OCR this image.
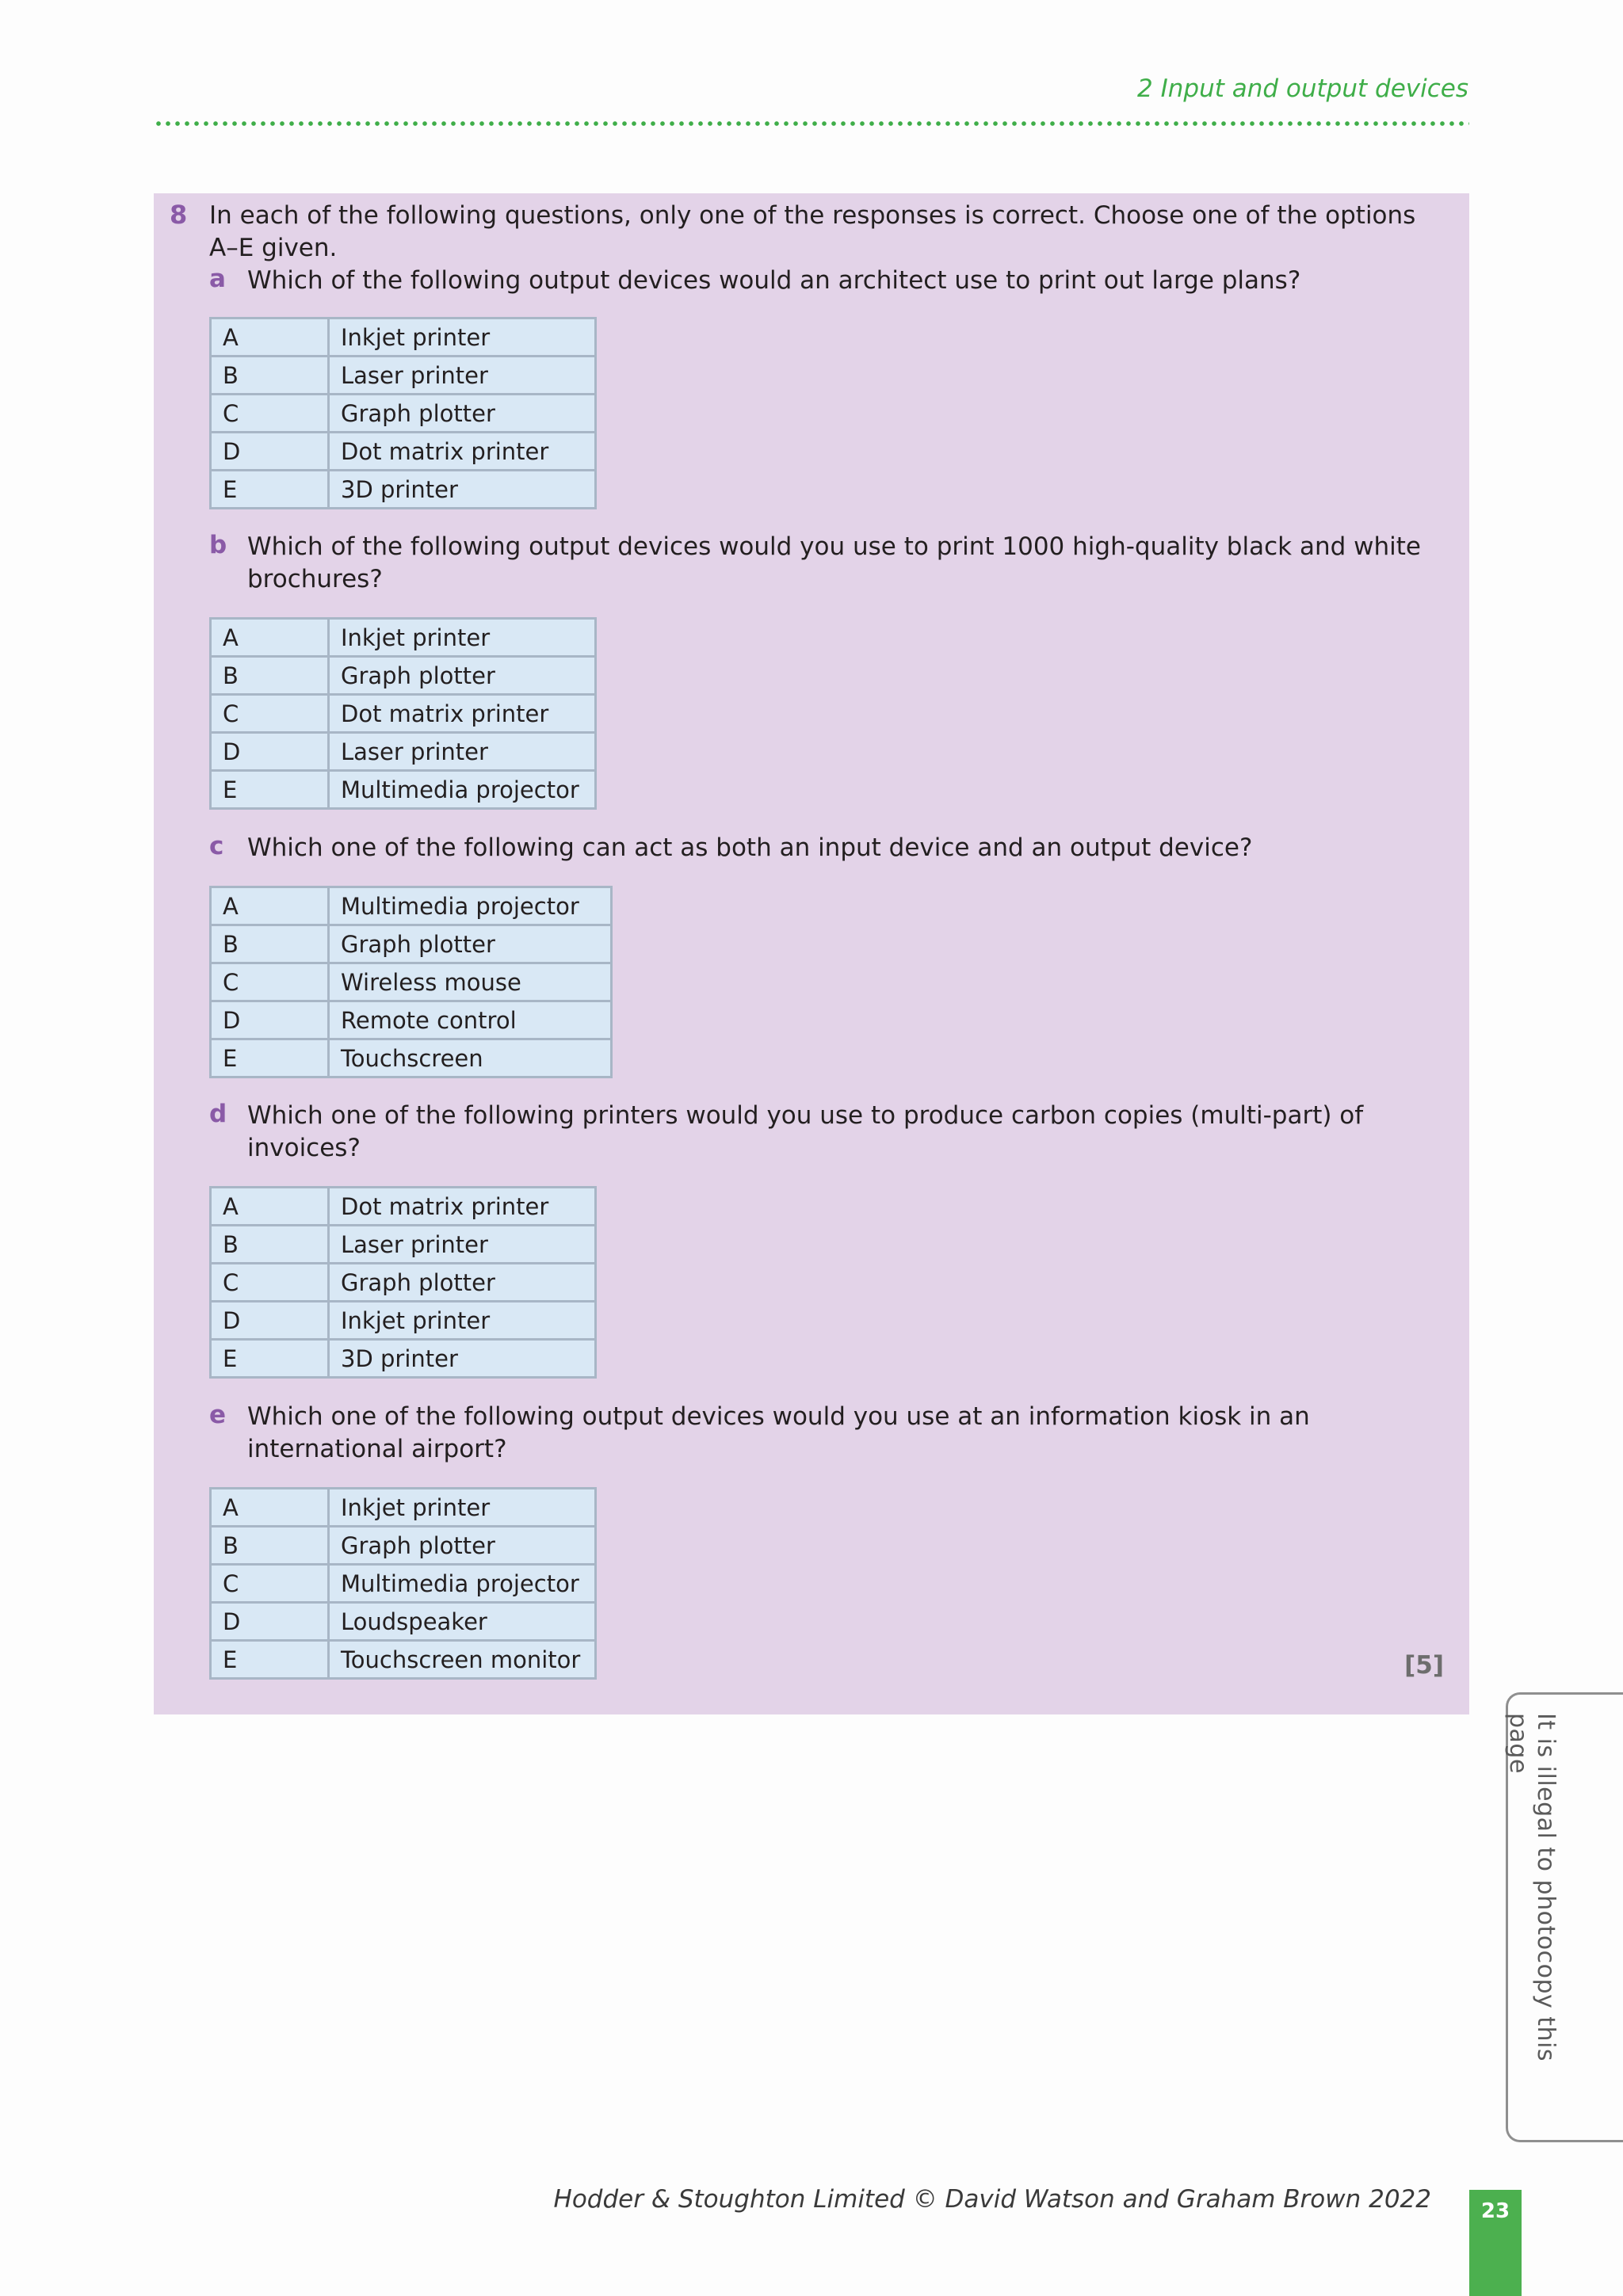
2 Input and output devices
8 In each of the following questions, only one of the responses is correct. Choose one of the options A–E given.
a Which of the following output devices would an architect use to print out large plans?
A	Inkjet printer
B	Laser printer
C	Graph plotter
D	Dot matrix printer
E	3D printer
b Which of the following output devices would you use to print 1000 high-quality black and white brochures?
A	Inkjet printer
B	Graph plotter
C	Dot matrix printer
D	Laser printer
E	Multimedia projector
c Which one of the following can act as both an input device and an output device?
A	Multimedia projector
B	Graph plotter
C	Wireless mouse
D	Remote control
E	Touchscreen
d Which one of the following printers would you use to produce carbon copies (multi-part) of invoices?
A	Dot matrix printer
B	Laser printer
C	Graph plotter
D	Inkjet printer
E	3D printer
e Which one of the following output devices would you use at an information kiosk in an international airport?
A	Inkjet printer
B	Graph plotter
C	Multimedia projector
D	Loudspeaker
E	Touchscreen monitor	[5]
It is illegal to photocopy this page
Hodder & Stoughton Limited © David Watson and Graham Brown 2022	23
